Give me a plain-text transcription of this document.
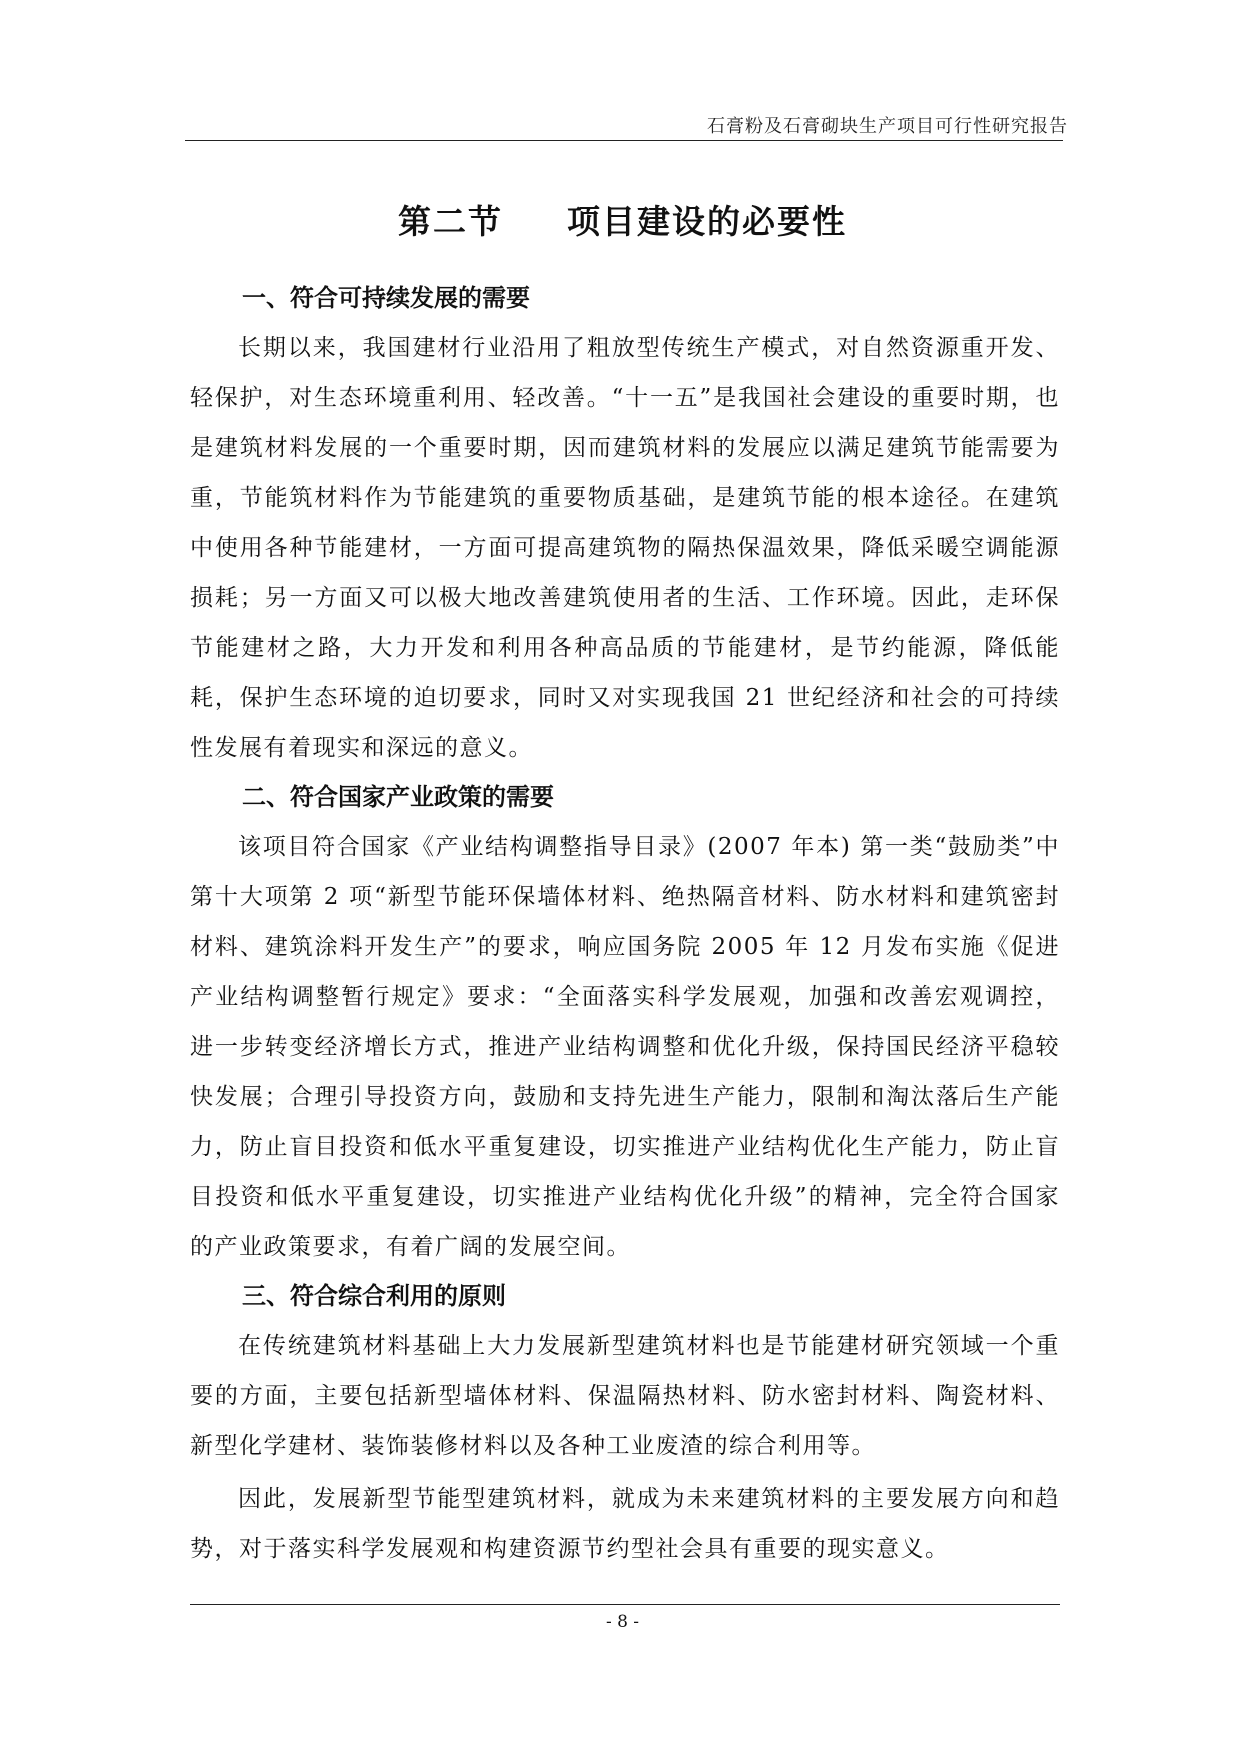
石膏粉及石膏砌块生产项目可行性研究报告
第二节 项目建设的必要性
一、符合可持续发展的需要

长期以来，我国建材行业沿用了粗放型传统生产模式，对自然资源重开发、轻保护，对生态环境重利用、轻改善。“十一五”是我国社会建设的重要时期，也是建筑材料发展的一个重要时期，因而建筑材料的发展应以满足建筑节能需要为重，节能筑材料作为节能建筑的重要物质基础，是建筑节能的根本途径。在建筑中使用各种节能建材，一方面可提高建筑物的隔热保温效果，降低采暖空调能源损耗；另一方面又可以极大地改善建筑使用者的生活、工作环境。因此，走环保节能建材之路，大力开发和利用各种高品质的节能建材，是节约能源，降低能耗，保护生态环境的迫切要求，同时又对实现我国 21 世纪经济和社会的可持续性发展有着现实和深远的意义。

二、符合国家产业政策的需要

该项目符合国家《产业结构调整指导目录》(2007 年本) 第一类“鼓励类”中第十大项第 2 项“新型节能环保墙体材料、绝热隔音材料、防水材料和建筑密封材料、建筑涂料开发生产”的要求，响应国务院 2005 年 12 月发布实施《促进产业结构调整暂行规定》要求：“全面落实科学发展观，加强和改善宏观调控，进一步转变经济增长方式，推进产业结构调整和优化升级，保持国民经济平稳较快发展；合理引导投资方向，鼓励和支持先进生产能力，限制和淘汰落后生产能力，防止盲目投资和低水平重复建设，切实推进产业结构优化生产能力，防止盲目投资和低水平重复建设，切实推进产业结构优化升级”的精神，完全符合国家的产业政策要求，有着广阔的发展空间。

三、符合综合利用的原则

在传统建筑材料基础上大力发展新型建筑材料也是节能建材研究领域一个重要的方面，主要包括新型墙体材料、保温隔热材料、防水密封材料、陶瓷材料、新型化学建材、装饰装修材料以及各种工业废渣的综合利用等。

因此，发展新型节能型建筑材料，就成为未来建筑材料的主要发展方向和趋势，对于落实科学发展观和构建资源节约型社会具有重要的现实意义。

- 8 -
